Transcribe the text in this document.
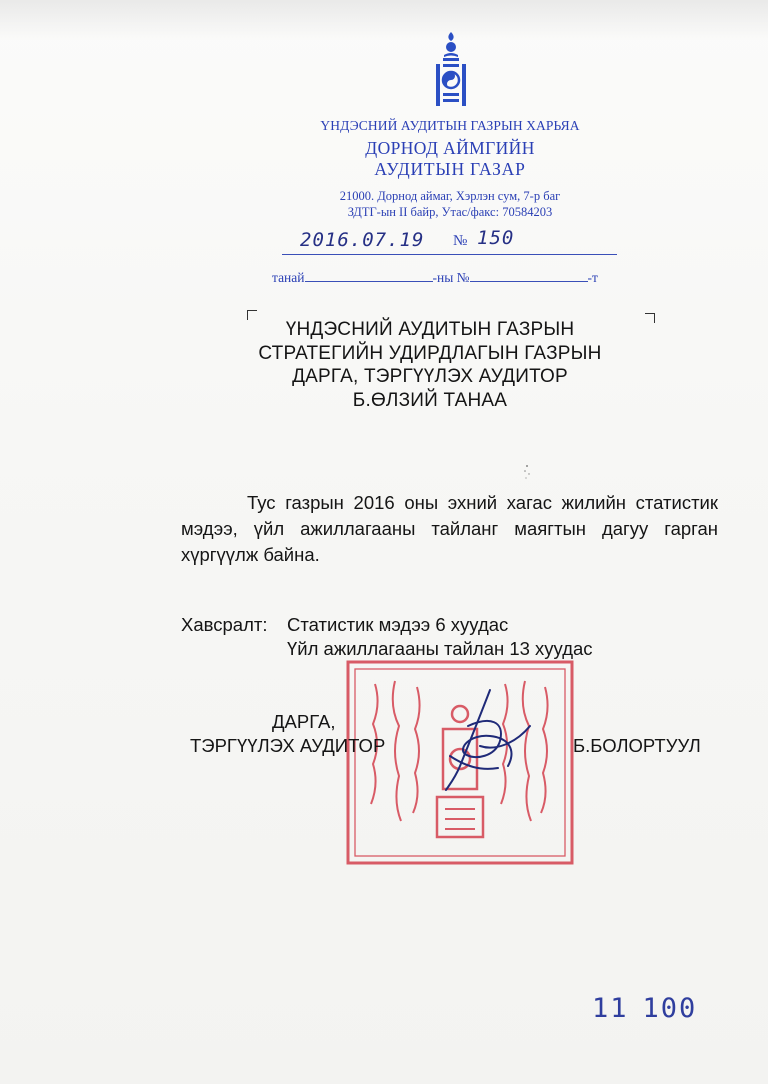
ҮНДЭСНИЙ АУДИТЫН ГАЗРЫН ХАРЬЯА
ДОРНОД АЙМГИЙН
АУДИТЫН ГАЗАР
21000. Дорнод аймаг, Хэрлэн сум, 7-р баг
ЗДТГ-ын II байр, Утас/факс: 70584203
2016.07.19 № 150
танай	-ны №	-т
ҮНДЭСНИЙ АУДИТЫН ГАЗРЫН
СТРАТЕГИЙН УДИРДЛАГЫН ГАЗРЫН
ДАРГА, ТЭРГҮҮЛЭХ АУДИТОР
Б.ӨЛЗИЙ ТАНАА
Тус газрын 2016 оны эхний хагас жилийн статистик мэдээ, үйл ажиллагааны тайланг маягтын дагуу гарган хүргүүлж байна.
Хавсралт: Статистик мэдээ 6 хуудас
Үйл ажиллагааны тайлан 13 хуудас
ДАРГА,
ТЭРГҮҮЛЭХ АУДИТОР	Б.БОЛОРТУУЛ
11 100
